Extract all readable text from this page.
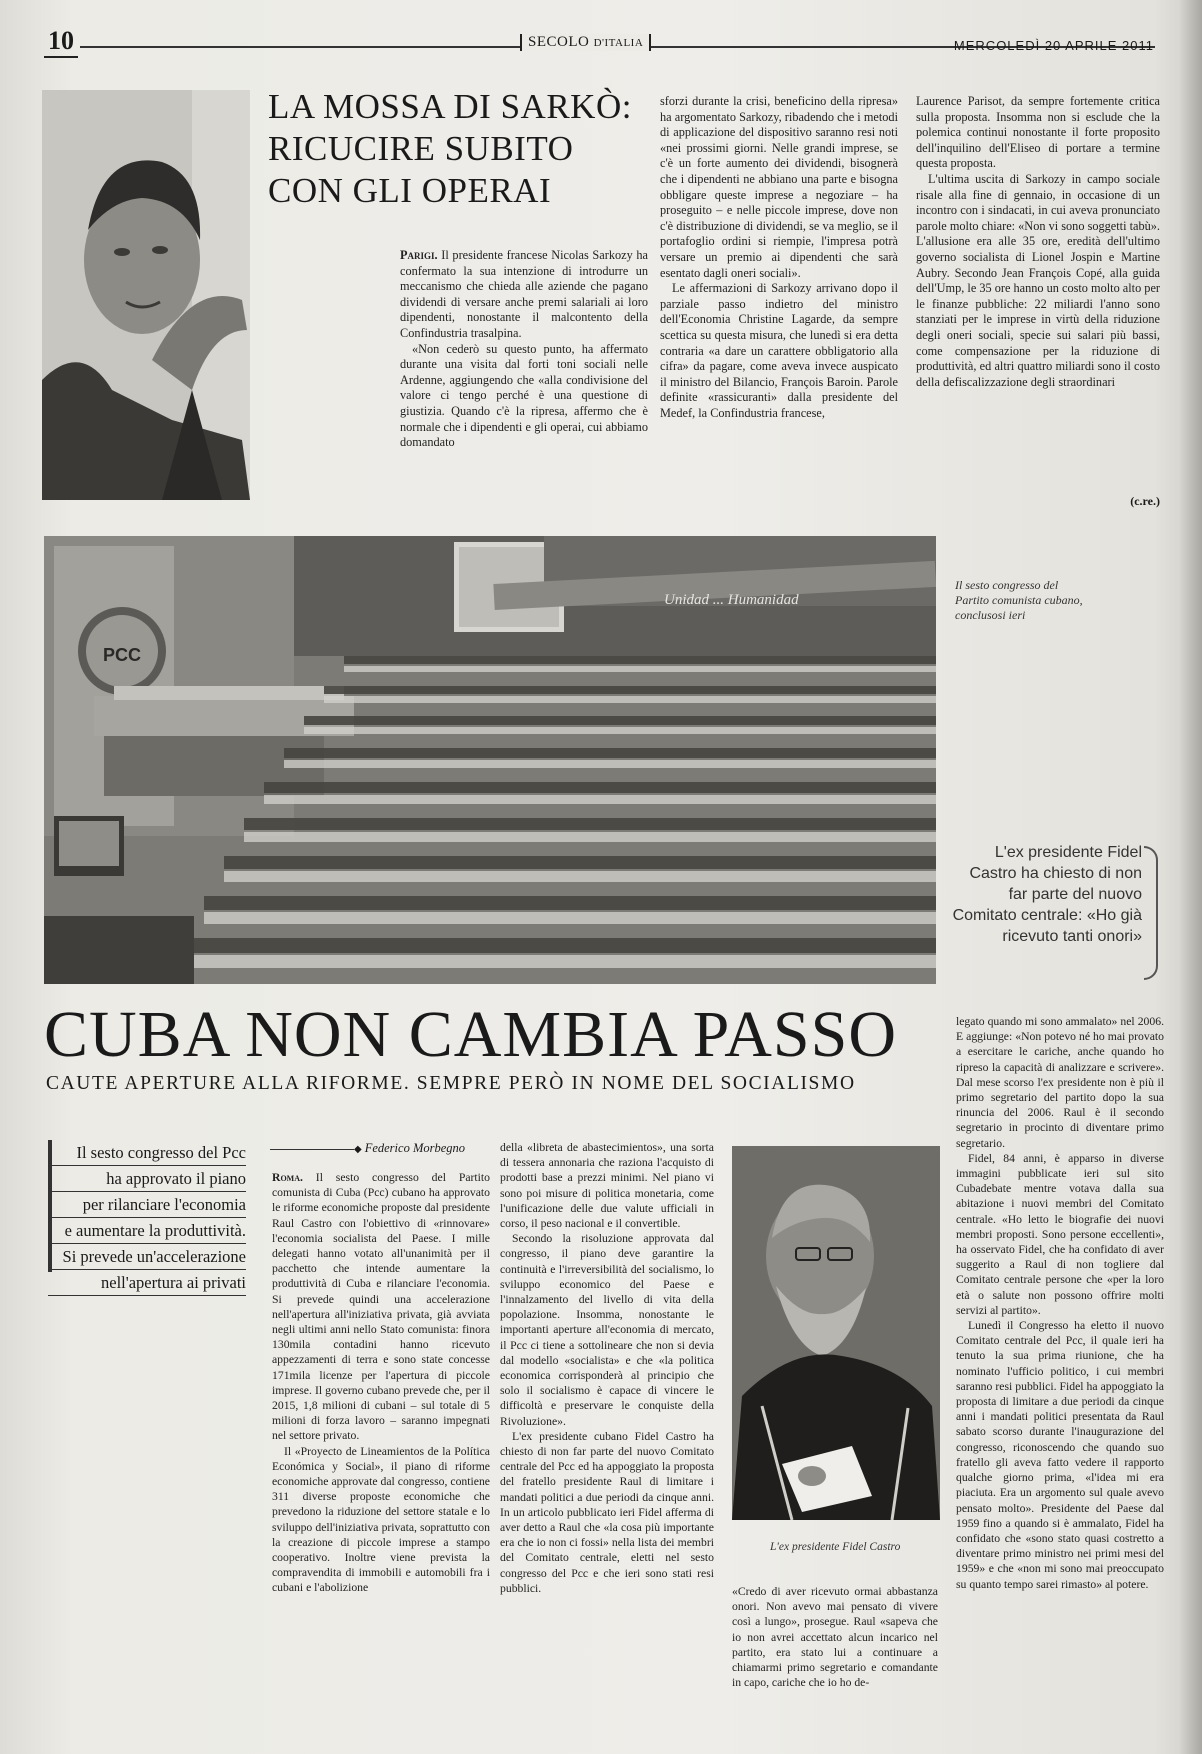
10	SECOLO D'ITALIA	MERCOLEDÌ 20 APRILE 2011
LA MOSSA DI SARKÒ: RICUCIRE SUBITO CON GLI OPERAI

Parigi. Il presidente francese Nicolas Sarkozy ha confermato la sua intenzione di introdurre un meccanismo che chieda alle aziende che pagano dividendi di versare anche premi salariali ai loro dipendenti, nonostante il malcontento della Confindustria trasalpina.

«Non cederò su questo punto, ha affermato durante una visita dal forti toni sociali nelle Ardenne, aggiungendo che «alla condivisione del valore ci tengo perché è una questione di giustizia. Quando c'è la ripresa, affermo che è normale che i dipendenti e gli operai, cui abbiamo domandato

sforzi durante la crisi, beneficino della ripresa» ha argomentato Sarkozy, ribadendo che i metodi di applicazione del dispositivo saranno resi noti «nei prossimi giorni. Nelle grandi imprese, se c'è un forte aumento dei dividendi, bisognerà che i dipendenti ne abbiano una parte e bisogna obbligare queste imprese a negoziare – ha proseguito – e nelle piccole imprese, dove non c'è distribuzione di dividendi, se va meglio, se il portafoglio ordini si riempie, l'impresa potrà versare un premio ai dipendenti che sarà esentato dagli oneri sociali».

Le affermazioni di Sarkozy arrivano dopo il parziale passo indietro del ministro dell'Economia Christine Lagarde, da sempre scettica su questa misura, che lunedì si era detta contraria «a dare un carattere obbligatorio alla cifra» da pagare, come aveva invece auspicato il ministro del Bilancio, François Baroin. Parole definite «rassicuranti» dalla presidente del Medef, la Confindustria francese,

Laurence Parisot, da sempre fortemente critica sulla proposta. Insomma non si esclude che la polemica continui nonostante il forte proposito dell'inquilino dell'Eliseo di portare a termine questa proposta.

L'ultima uscita di Sarkozy in campo sociale risale alla fine di gennaio, in occasione di un incontro con i sindacati, in cui aveva pronunciato parole molto chiare: «Non vi sono soggetti tabù». L'allusione era alle 35 ore, eredità dell'ultimo governo socialista di Lionel Jospin e Martine Aubry. Secondo Jean François Copé, alla guida dell'Ump, le 35 ore hanno un costo molto alto per le finanze pubbliche: 22 miliardi l'anno sono stanziati per le imprese in virtù della riduzione degli oneri sociali, specie sui salari più bassi, come compensazione per la riduzione di produttività, ed altri quattro miliardi sono il costo della defiscalizzazione degli straordinari

(c.re.)
PCC
Unidad ... Humanidad
Il sesto congresso del Partito comunista cubano, conclusosi ieri
L'ex presidente Fidel Castro ha chiesto di non far parte del nuovo Comitato centrale: «Ho già ricevuto tanti onori»
CUBA NON CAMBIA PASSO
CAUTE APERTURE ALLA RIFORME. SEMPRE PERÒ IN NOME DEL SOCIALISMO
Il sesto congresso del Pcc
ha approvato il piano
per rilanciare l'economia
e aumentare la produttività.
Si prevede un'accelerazione
nell'apertura ai privati
◆ Federico Morbegno

Roma. Il sesto congresso del Partito comunista di Cuba (Pcc) cubano ha approvato le riforme economiche proposte dal presidente Raul Castro con l'obiettivo di «rinnovare» l'economia socialista del Paese. I mille delegati hanno votato all'unanimità per il pacchetto che intende aumentare la produttività di Cuba e rilanciare l'economia. Si prevede quindi una accelerazione nell'apertura all'iniziativa privata, già avviata negli ultimi anni nello Stato comunista: finora 130mila contadini hanno ricevuto appezzamenti di terra e sono state concesse 171mila licenze per l'apertura di piccole imprese. Il governo cubano prevede che, per il 2015, 1,8 milioni di cubani – sul totale di 5 milioni di forza lavoro – saranno impegnati nel settore privato.

Il «Proyecto de Lineamientos de la Política Económica y Social», il piano di riforme economiche approvate dal congresso, contiene 311 diverse proposte economiche che prevedono la riduzione del settore statale e lo sviluppo dell'iniziativa privata, soprattutto con la creazione di piccole imprese a stampo cooperativo. Inoltre viene prevista la compravendita di immobili e automobili fra i cubani e l'abolizione

della «libreta de abastecimientos», una sorta di tessera annonaria che raziona l'acquisto di prodotti base a prezzi minimi. Nel piano vi sono poi misure di politica monetaria, come l'unificazione delle due valute ufficiali in corso, il peso nacional e il convertible.

Secondo la risoluzione approvata dal congresso, il piano deve garantire la continuità e l'irreversibilità del socialismo, lo sviluppo economico del Paese e l'innalzamento del livello di vita della popolazione. Insomma, nonostante le importanti aperture all'economia di mercato, il Pcc ci tiene a sottolineare che non si devia dal modello «socialista» e che «la politica economica corrisponderà al principio che solo il socialismo è capace di vincere le difficoltà e preservare le conquiste della Rivoluzione».

L'ex presidente cubano Fidel Castro ha chiesto di non far parte del nuovo Comitato centrale del Pcc ed ha appoggiato la proposta del fratello presidente Raul di limitare i mandati politici a due periodi da cinque anni. In un articolo pubblicato ieri Fidel afferma di aver detto a Raul che «la cosa più importante era che io non ci fossi» nella lista dei membri del Comitato centrale, eletti nel sesto congresso del Pcc e che ieri sono stati resi pubblici.

L'ex presidente Fidel Castro

«Credo di aver ricevuto ormai abbastanza onori. Non avevo mai pensato di vivere così a lungo», prosegue. Raul «sapeva che io non avrei accettato alcun incarico nel partito, era stato lui a continuare a chiamarmi primo segretario e comandante in capo, cariche che io ho de-

legato quando mi sono ammalato» nel 2006. E aggiunge: «Non potevo né ho mai provato a esercitare le cariche, anche quando ho ripreso la capacità di analizzare e scrivere». Dal mese scorso l'ex presidente non è più il primo segretario del partito dopo la sua rinuncia del 2006. Raul è il secondo segretario in procinto di diventare primo segretario.

Fidel, 84 anni, è apparso in diverse immagini pubblicate ieri sul sito Cubadebate mentre votava dalla sua abitazione i nuovi membri del Comitato centrale. «Ho letto le biografie dei nuovi membri proposti. Sono persone eccellenti», ha osservato Fidel, che ha confidato di aver suggerito a Raul di non togliere dal Comitato centrale persone che «per la loro età o salute non possono offrire molti servizi al partito».

Lunedì il Congresso ha eletto il nuovo Comitato centrale del Pcc, il quale ieri ha tenuto la sua prima riunione, che ha nominato l'ufficio politico, i cui membri saranno resi pubblici. Fidel ha appoggiato la proposta di limitare a due periodi da cinque anni i mandati politici presentata da Raul sabato scorso durante l'inaugurazione del congresso, riconoscendo che quando suo fratello gli aveva fatto vedere il rapporto qualche giorno prima, «l'idea mi era piaciuta. Era un argomento sul quale avevo pensato molto». Presidente del Paese dal 1959 fino a quando si è ammalato, Fidel ha confidato che «sono stato quasi costretto a diventare primo ministro nei primi mesi del 1959» e che «non mi sono mai preoccupato su quanto tempo sarei rimasto» al potere.
